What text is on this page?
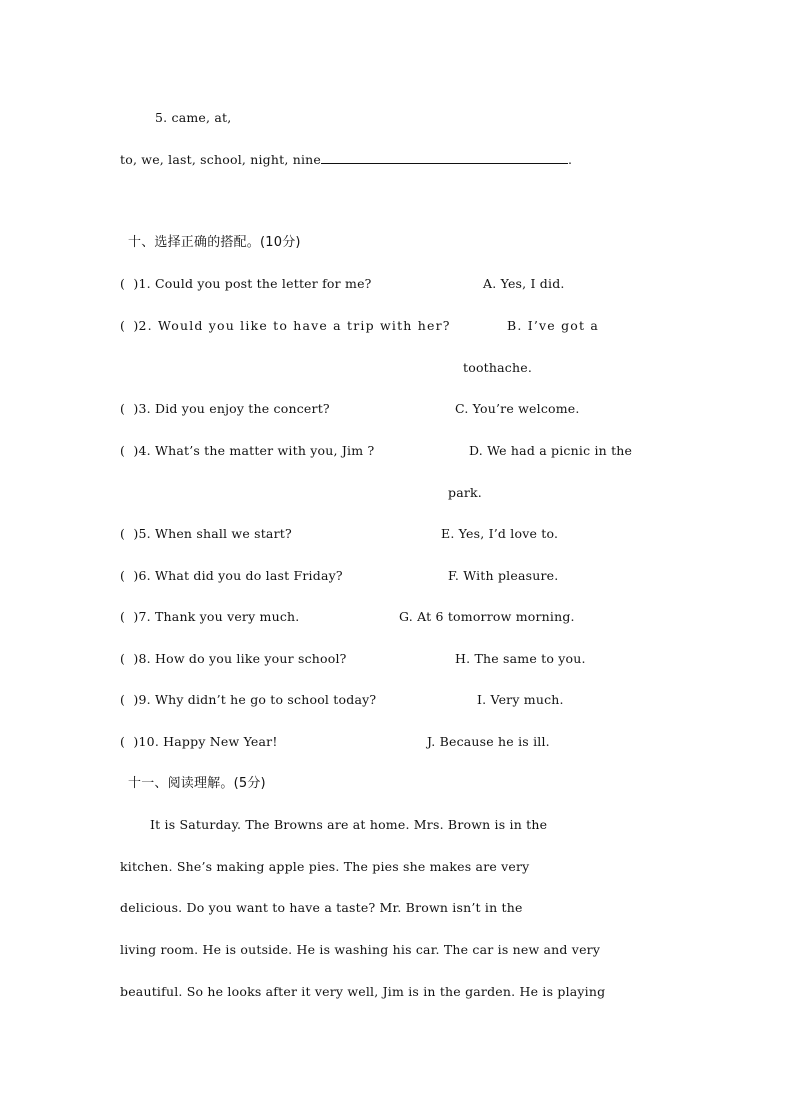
5. came, at,
to, we, last, school, night, nine	.
十、选择正确的搭配。(10分)
(  )1. Could you post the letter for me?
(  )2. Would you like to have a trip with her?
(  )3. Did you enjoy the concert?
(  )4. What’s the matter with you, Jim ?
(  )5. When shall we start?
(  )6. What did you do last Friday?
(  )7. Thank you very much.
(  )8. How do you like your school?
(  )9. Why didn’t he go to school today?
(  )10. Happy New Year!
A. Yes, I did.
B. I’ve got a
toothache.
C. You’re welcome.
D. We had a picnic in the
park.
E. Yes, I’d love to.
F. With pleasure.
G. At 6 tomorrow morning.
H. The same to you.
I. Very much.
J. Because he is ill.
十一、阅读理解。(5分)
It is Saturday. The Browns are at home. Mrs. Brown is in the
kitchen. She’s making apple pies. The pies she makes are very
delicious. Do you want to have a taste? Mr. Brown isn’t in the
living room. He is outside. He is washing his car. The car is new and very
beautiful. So he looks after it very well, Jim is in the garden. He is playing
